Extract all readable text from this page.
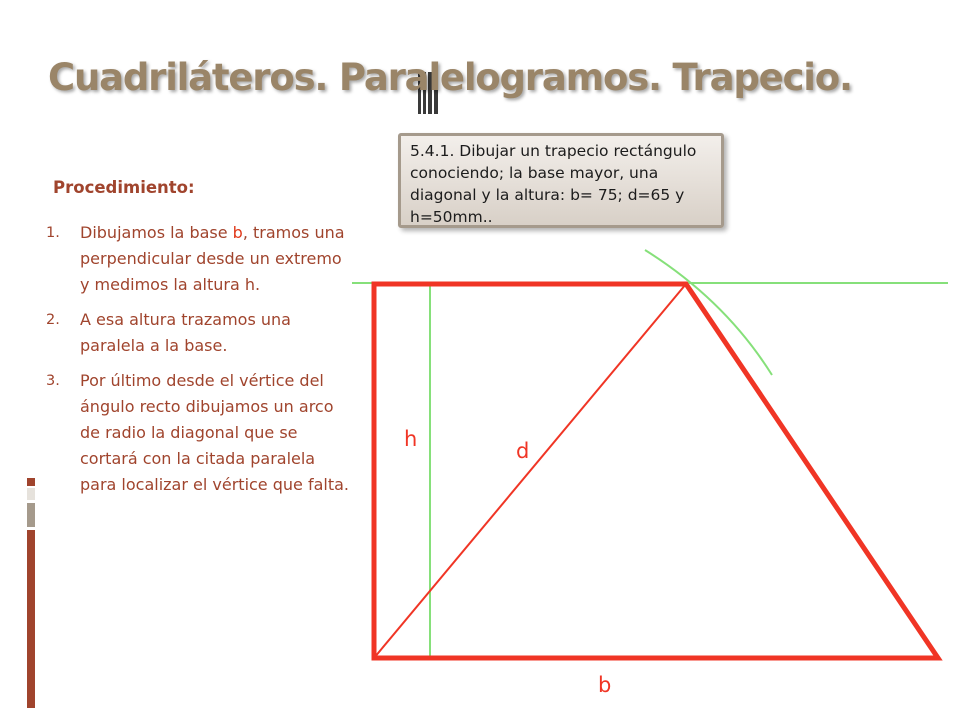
Cuadriláteros. Paralelogramos. Trapecio.
Procedimiento:
1. Dibujamos la base b, tramos una perpendicular desde un extremo y medimos la altura h.
2. A esa altura trazamos una paralela a la base.
3. Por último desde el vértice del ángulo recto dibujamos un arco de radio la diagonal que se cortará con la citada paralela para localizar el vértice que falta.
5.4.1. Dibujar un trapecio rectángulo conociendo; la base mayor, una diagonal y la altura: b= 75; d=65 y h=50mm..
h	d
b
